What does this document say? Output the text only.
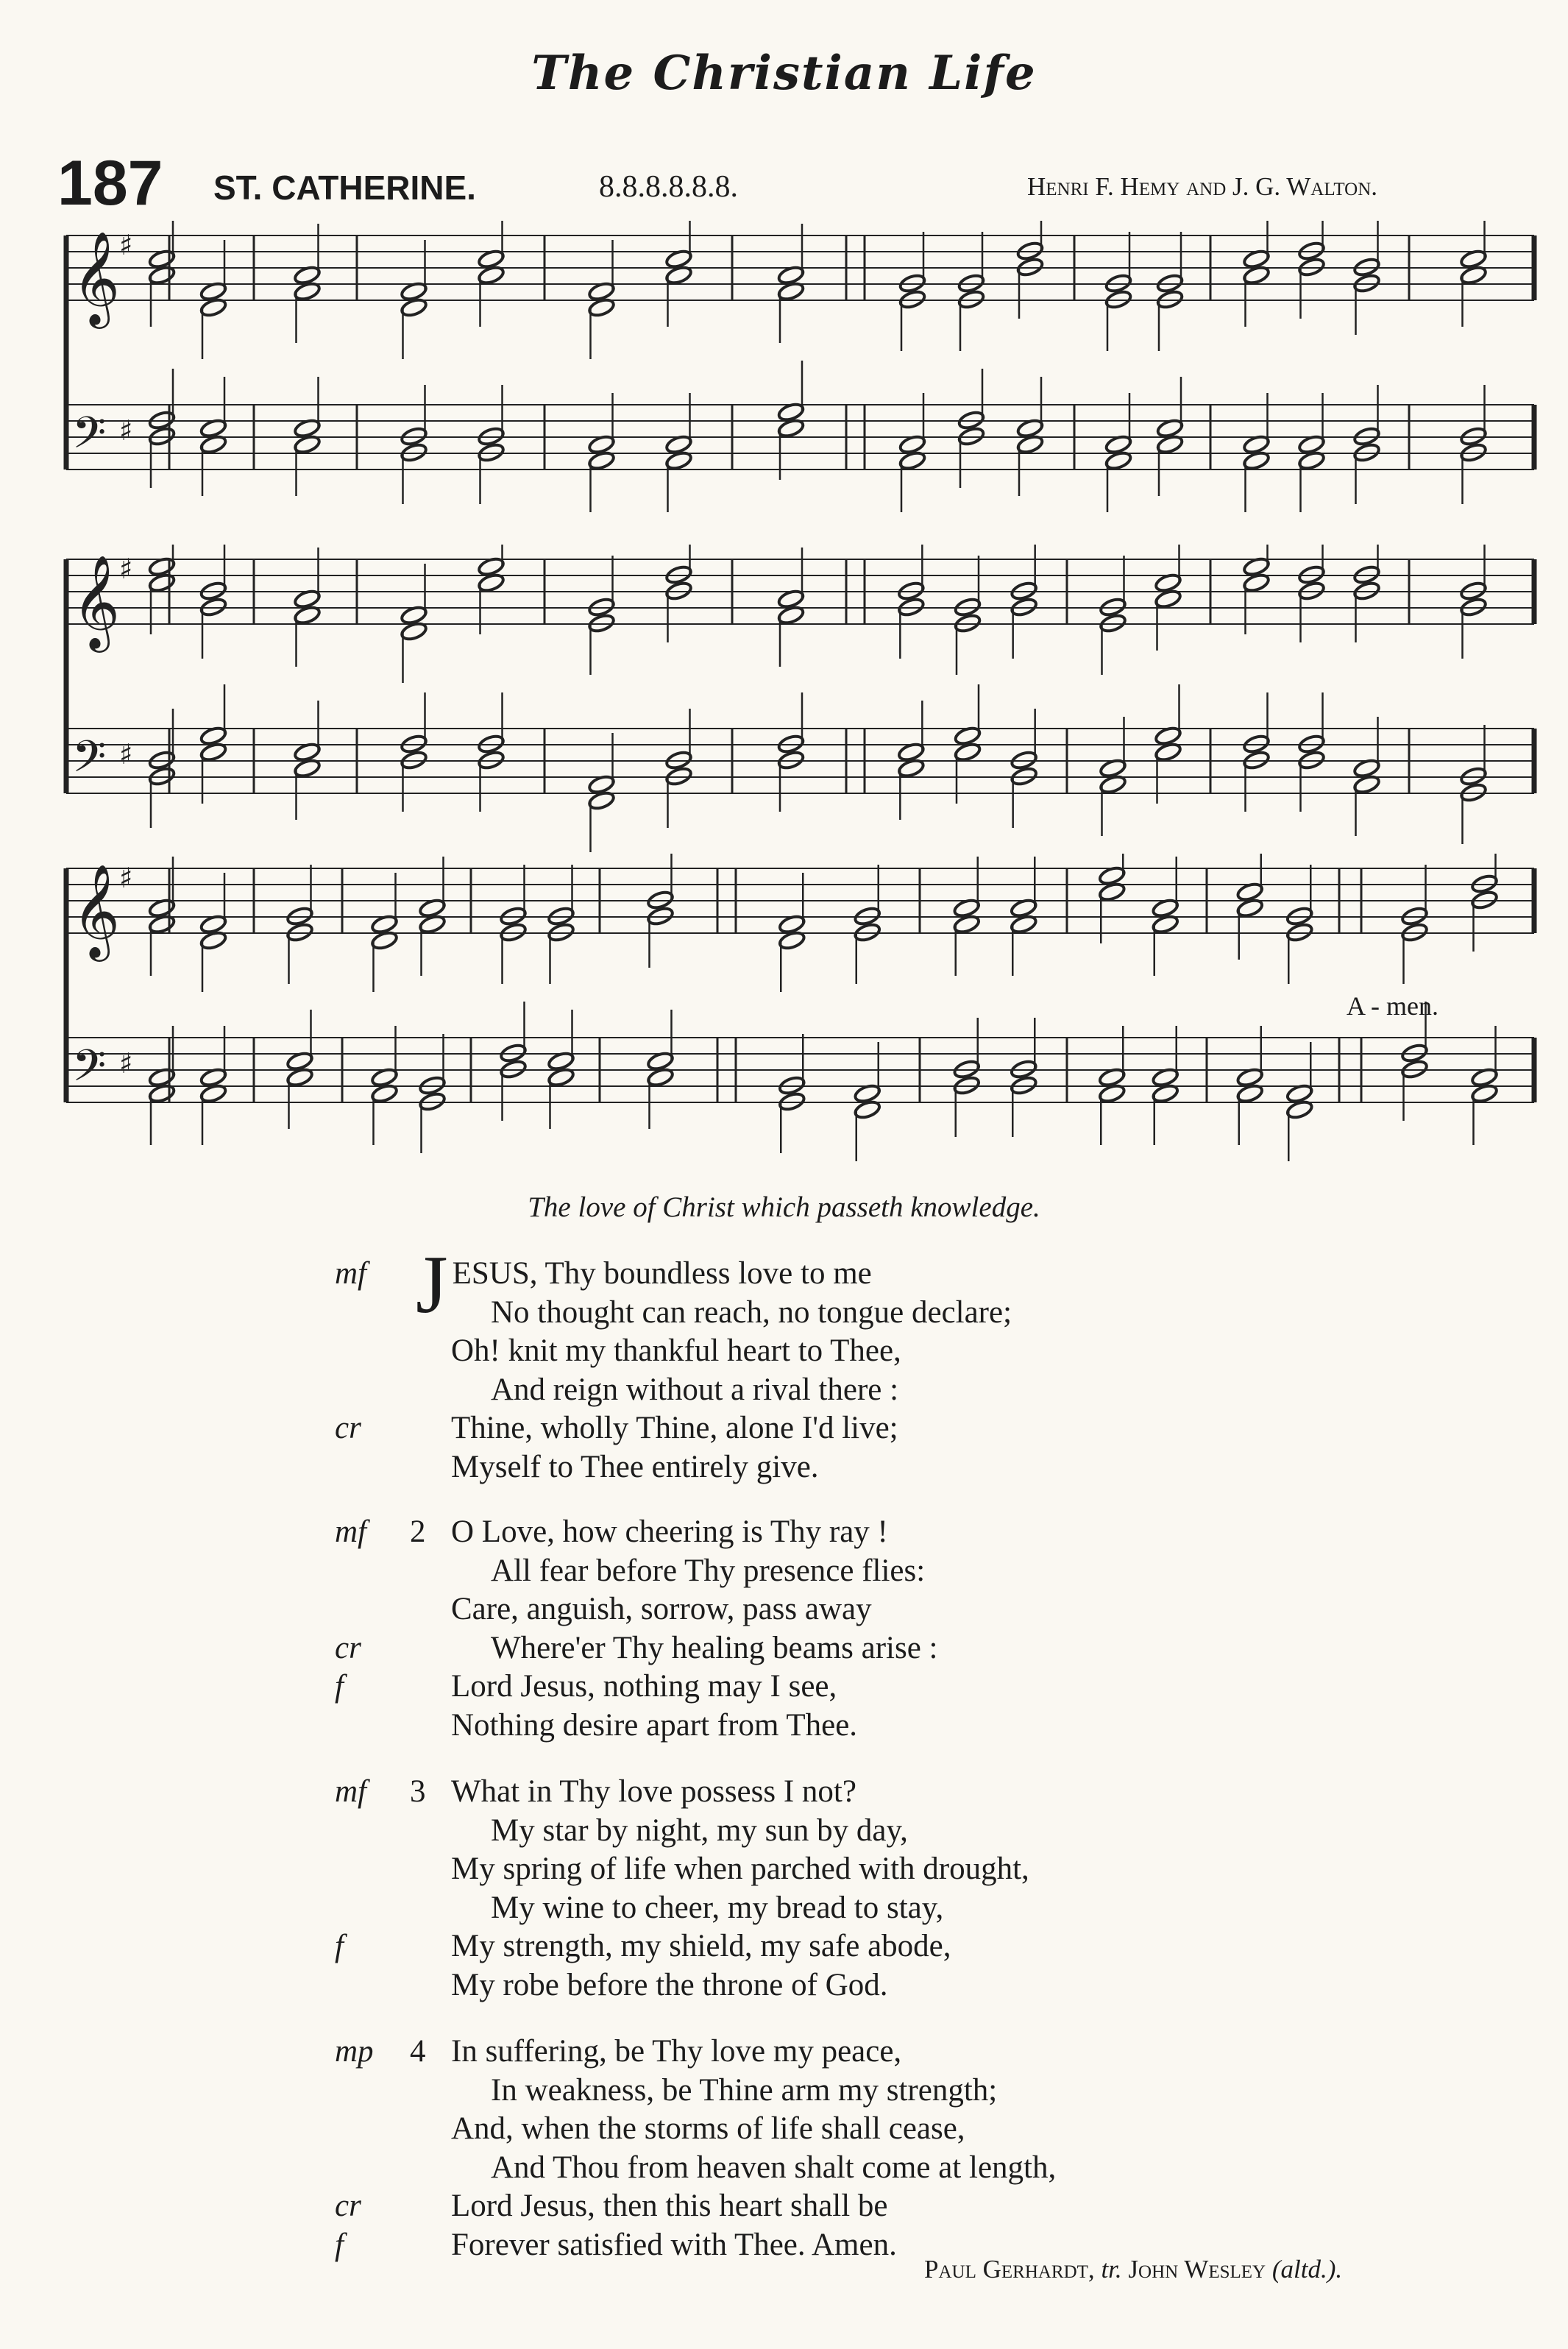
The Christian Life
187 ST. CATHERINE.	8.8.8.8.8.8.	Henri F. Hemy and J. G. Walton.
𝄞
𝄢
♯
♯
𝄞
𝄢
♯
♯
𝄞
𝄢
♯
♯
A - men.
The love of Christ which passeth knowledge.
mf JESUS, Thy boundless love to me
No thought can reach, no tongue declare;
Oh! knit my thankful heart to Thee,
And reign without a rival there :
cr	Thine, wholly Thine, alone I'd live;
Myself to Thee entirely give.
mf	2 O Love, how cheering is Thy ray !
All fear before Thy presence flies:
Care, anguish, sorrow, pass away
cr	Where'er Thy healing beams arise :
f	Lord Jesus, nothing may I see,
Nothing desire apart from Thee.
mf	3 What in Thy love possess I not?
My star by night, my sun by day,
My spring of life when parched with drought,
My wine to cheer, my bread to stay,
f	My strength, my shield, my safe abode,
My robe before the throne of God.
mp	4 In suffering, be Thy love my peace,
In weakness, be Thine arm my strength;
And, when the storms of life shall cease,
And Thou from heaven shalt come at length,
cr	Lord Jesus, then this heart shall be
f	Forever satisfied with Thee. Amen.
Paul Gerhardt, tr. John Wesley (altd.).
